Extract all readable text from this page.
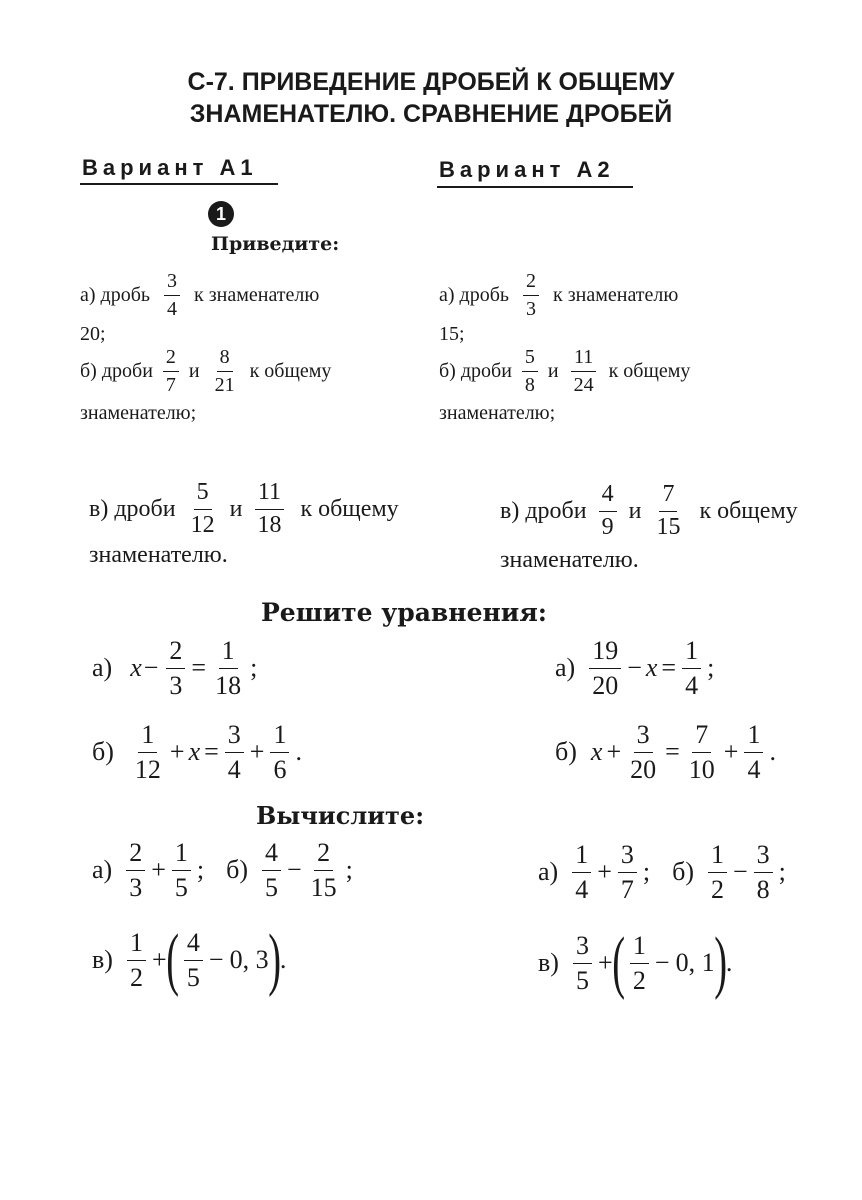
С-7. ПРИВЕДЕНИЕ ДРОБЕЙ К ОБЩЕМУ
ЗНАМЕНАТЕЛЮ. СРАВНЕНИЕ ДРОБЕЙ
Вариант А1	Вариант А2
1
Приведите:
а) дробь $\frac{3}{4}$ к знаменателю
20;
б) дроби $\frac{2}{7}$ и $\frac{8}{21}$ к общему
знаменателю;
а) дробь $\frac{2}{3}$ к знаменателю
15;
б) дроби $\frac{5}{8}$ и $\frac{11}{24}$ к общему
знаменателю;
в) дроби $\frac{5}{12}$ и $\frac{11}{18}$ к общему
знаменателю.
в) дроби $\frac{4}{9}$ и $\frac{7}{15}$ к общему
знаменателю.
Решите уравнения:
а) $x - \frac{2}{3} = \frac{1}{18}$ ;
$б) \frac{1}{12} + x = \frac{3}{4} + \frac{1}{6}$ .
$а) \frac{19}{20} - x = \frac{1}{4}$ ;
б) $x + \frac{3}{20} = \frac{7}{10} + \frac{1}{4}$ .
Вычислите:
$а) \frac{2}{3} + \frac{1}{5}$ ; $б) \frac{4}{5} - \frac{2}{15}$ ;
$в) \frac{1}{2}$ + ( $\frac{4}{5} - 0$, 3 ) .
$а) \frac{1}{4} + \frac{3}{7}$ ; $б) \frac{1}{2} - \frac{3}{8}$ ;
$в) \frac{3}{5}$ + ( $\frac{1}{2} - 0$, 1 ) .
